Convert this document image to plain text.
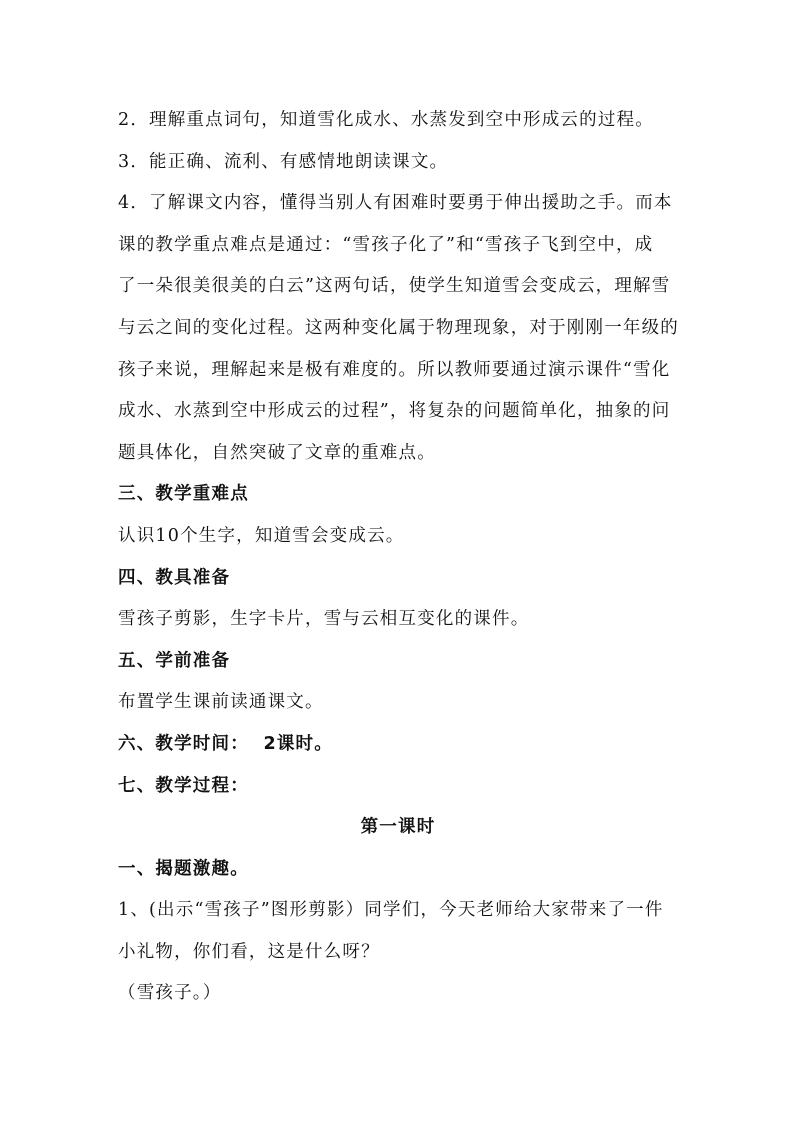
2．理解重点词句，知道雪化成水、水蒸发到空中形成云的过程。

3．能正确、流利、有感情地朗读课文。

4．了解课文内容，懂得当别人有困难时要勇于伸出援助之手。而本

课的教学重点难点是通过：“雪孩子化了”和“雪孩子飞到空中，成

了一朵很美很美的白云”这两句话，使学生知道雪会变成云，理解雪

与云之间的变化过程。这两种变化属于物理现象，对于刚刚一年级的

孩子来说，理解起来是极有难度的。所以教师要通过演示课件“雪化

成水、水蒸到空中形成云的过程”，将复杂的问题简单化，抽象的问

题具体化，自然突破了文章的重难点。

三、教学重难点

认识10个生字，知道雪会变成云。

四、教具准备

雪孩子剪影，生字卡片，雪与云相互变化的课件。

五、学前准备

布置学生课前读通课文。

六、教学时间：  2课时。

七、教学过程：

第一课时

一、揭题激趣。

1、(出示“雪孩子”图形剪影）同学们，今天老师给大家带来了一件

小礼物，你们看，这是什么呀？

（雪孩子。）
